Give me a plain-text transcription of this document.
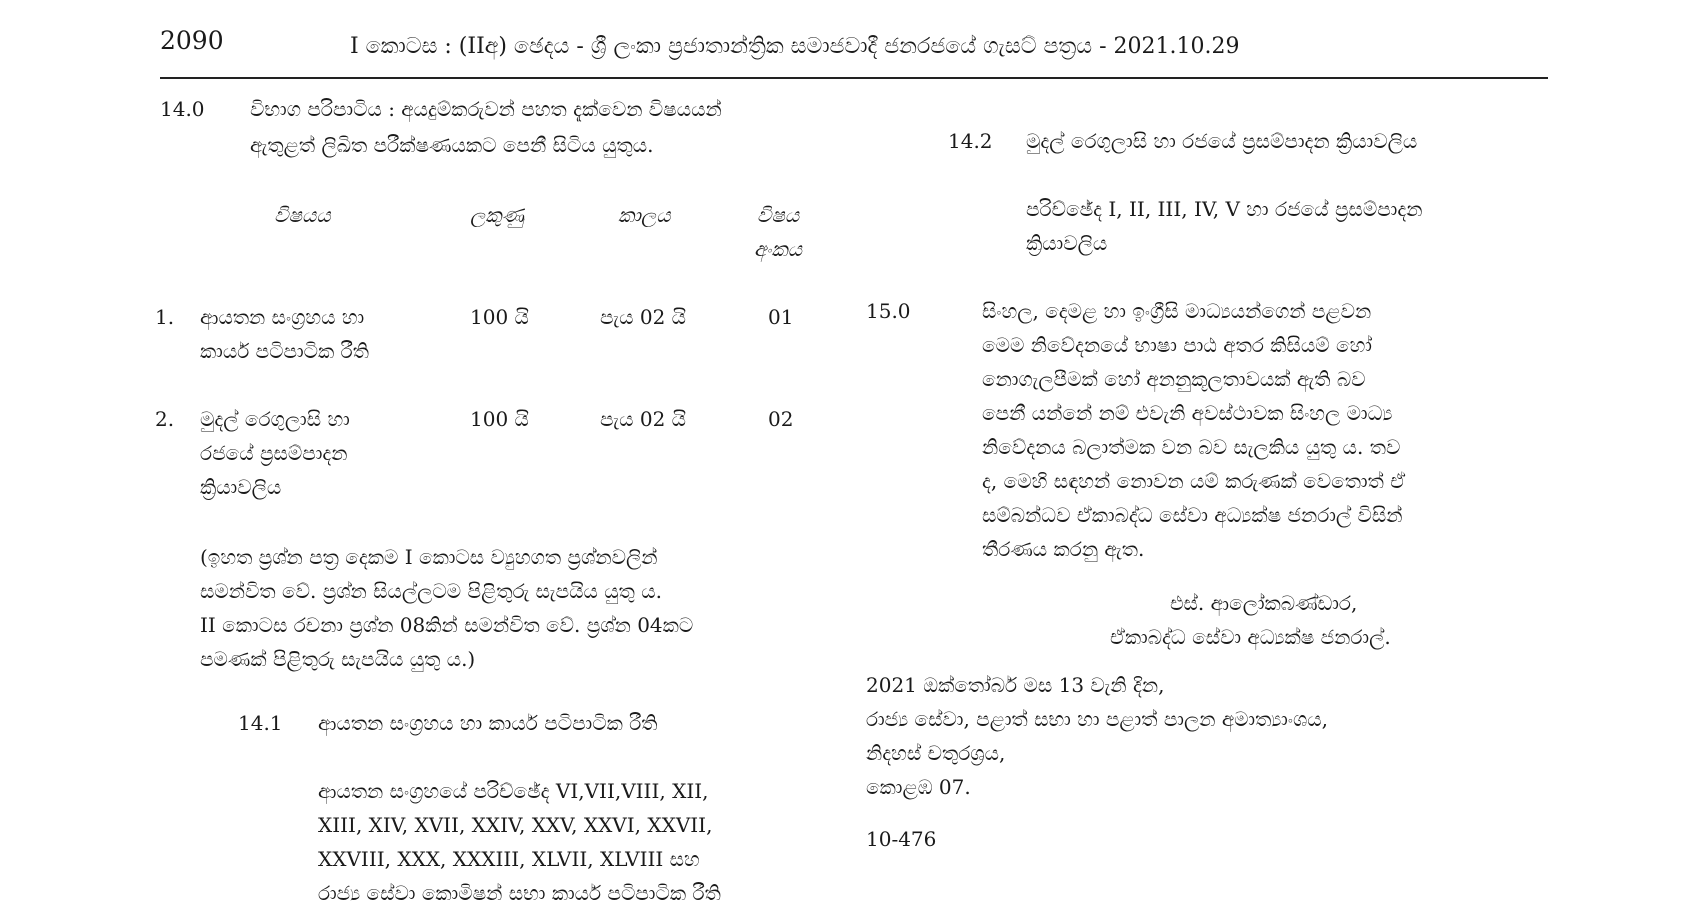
2090	I කොටස : (IIඅ) ඡෙදය - ශ්‍රී ලංකා ප්‍රජාතාන්ත්‍රික සමාජවාදී ජනරජයේ ගැසට් පත්‍රය - 2021.10.29
14.0 විභාග පරිපාටිය : අයදුම්කරුවන් පහත දැක්වෙන විෂයයන්
ඇතුළත් ලිඛිත පරීක්ෂණයකට පෙනී සිටිය යුතුය.
විෂයය	ලකුණු	කාලය	විෂය
අංකය
1. ආයතන සංග්‍රහය හා
කාර්ය පටිපාටික රීති
100 යි	පැය 02 යි	01
2. මුදල් රෙගුලාසි හා
රජයේ ප්‍රසම්පාදන
ක්‍රියාවලිය
100 යි	පැය 02 යි	02
(ඉහත ප්‍රශ්න පත්‍ර දෙකම I කොටස ව්‍යුහගත ප්‍රශ්නවලින්
සමන්විත වේ. ප්‍රශ්න සියල්ලටම පිළිතුරු සැපයිය යුතු ය.
II කොටස රචනා ප්‍රශ්න 08කින් සමන්විත වේ. ප්‍රශ්න 04කට
පමණක් පිළිතුරු සැපයිය යුතු ය.)
14.1 ආයතන සංග්‍රහය හා කාර්ය පටිපාටික රීති
ආයතන සංග්‍රහයේ පරිච්ඡේද VI,VII,VIII, XII,
XIII, XIV, XVII, XXIV, XXV, XXVI, XXVII,
XXVIII, XXX, XXXIII, XLVII, XLVIII සහ
රාජ්‍ය සේවා කොමිෂන් සභා කාර්ය පටිපාටික රීති
14.2 මුදල් රෙගුලාසි හා රජයේ ප්‍රසම්පාදන ක්‍රියාවලිය
පරිච්ඡේද I, II, III, IV, V හා රජයේ ප්‍රසම්පාදන
ක්‍රියාවලිය
15.0	සිංහල, දෙමළ හා ඉංග්‍රීසි මාධ්‍යයන්ගෙන් පළවන
මෙම නිවේදනයේ භාෂා පාඨ අතර කිසියම් හෝ
නොගැලපීමක් හෝ අනනුකූලතාවයක් ඇති බව
පෙනී යන්නේ නම් එවැනි අවස්ථාවක සිංහල මාධ්‍ය
නිවේදනය බලාත්මක වන බව සැලකිය යුතු ය. තව
ද, මෙහි සඳහන් නොවන යම් කරුණක් වෙතොත් ඒ
සම්බන්ධව ඒකාබද්ධ සේවා අධ්‍යක්ෂ ජනරාල් විසින්
තීරණය කරනු ඇත.
එස්. ආලෝකබණ්ඩාර,
ඒකාබද්ධ සේවා අධ්‍යක්ෂ ජනරාල්.
2021 ඔක්තෝබර් මස 13 වැනි දින,
රාජ්‍ය සේවා, පළාත් සභා හා පළාත් පාලන අමාත්‍යාංශය,
නිදහස් චතුරශ්‍රය,
කොළඹ 07.
10-476
